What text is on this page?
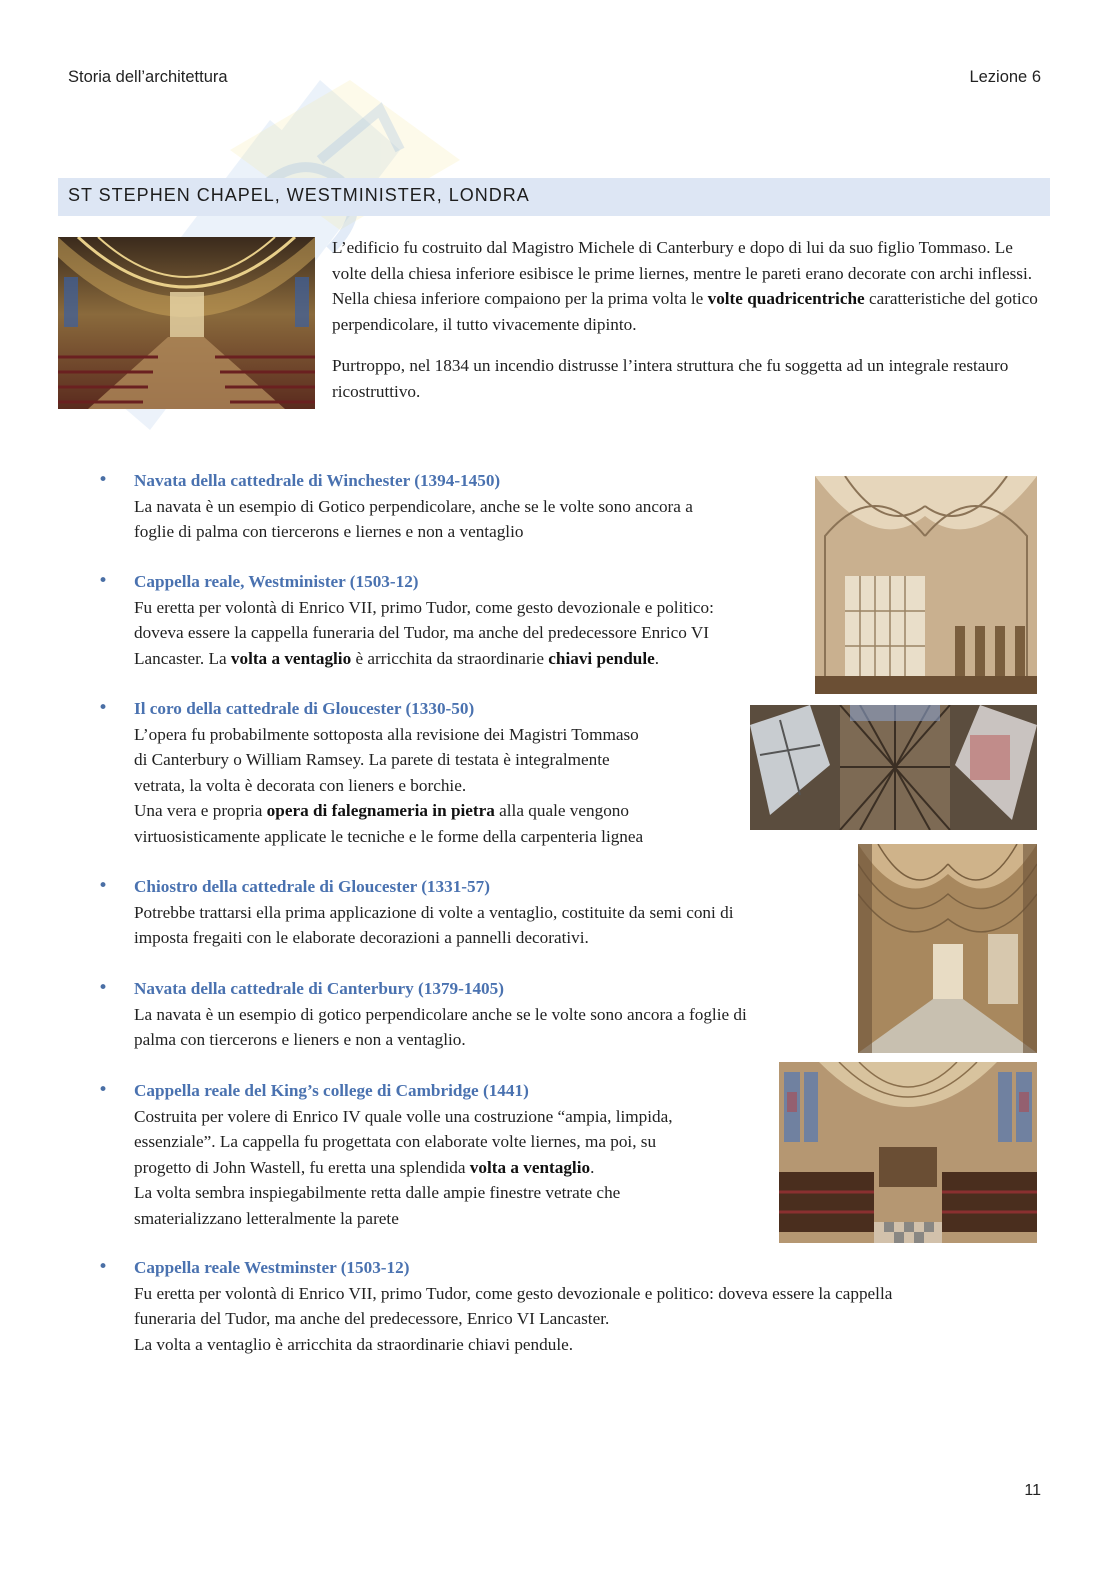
Storia dell’architettura	Lezione 6
ST STEPHEN CHAPEL, WESTMINISTER, LONDRA

L’edificio fu costruito dal Magistro Michele di Canterbury e dopo di lui da suo figlio Tommaso. Le volte della chiesa inferiore esibisce le prime liernes, mentre le pareti erano decorate con archi inflessi. Nella chiesa inferiore compaiono per la prima volta le volte quadricentriche caratteristiche del gotico perpendicolare, il tutto vivacemente dipinto.

Purtroppo, nel 1834 un incendio distrusse l’intera struttura che fu soggetta ad un integrale restauro ricostruttivo.

• Navata della cattedrale di Winchester (1394-1450)
La navata è un esempio di Gotico perpendicolare, anche se le volte sono ancora a
foglie di palma con tiercerons e liernes e non a ventaglio
• Cappella reale, Westminister (1503-12)
Fu eretta per volontà di Enrico VII, primo Tudor, come gesto devozionale e politico:
doveva essere la cappella funeraria del Tudor, ma anche del predecessore Enrico VI
Lancaster. La volta a ventaglio è arricchita da straordinarie chiavi pendule.
• Il coro della cattedrale di Gloucester (1330-50)
L’opera fu probabilmente sottoposta alla revisione dei Magistri Tommaso
di Canterbury o William Ramsey. La parete di testata è integralmente
vetrata, la volta è decorata con lieners e borchie.
Una vera e propria opera di falegnameria in pietra alla quale vengono
virtuosisticamente applicate le tecniche e le forme della carpenteria lignea
• Chiostro della cattedrale di Gloucester (1331-57)
Potrebbe trattarsi ella prima applicazione di volte a ventaglio, costituite da semi coni di
imposta fregaiti con le elaborate decorazioni a pannelli decorativi.
• Navata della cattedrale di Canterbury (1379-1405)
La navata è un esempio di gotico perpendicolare anche se le volte sono ancora a foglie di
palma con tiercerons e lieners e non a ventaglio.
• Cappella reale del King’s college di Cambridge (1441)
Costruita per volere di Enrico IV quale volle una costruzione “ampia, limpida,
essenziale”. La cappella fu progettata con elaborate volte liernes, ma poi, su
progetto di John Wastell, fu eretta una splendida volta a ventaglio.
La volta sembra inspiegabilmente retta dalle ampie finestre vetrate che
smaterializzano letteralmente la parete
• Cappella reale Westminster (1503-12)
Fu eretta per volontà di Enrico VII, primo Tudor, come gesto devozionale e politico: doveva essere la cappella
funeraria del Tudor, ma anche del predecessore, Enrico VI Lancaster.
La volta a ventaglio è arricchita da straordinarie chiavi pendule.
11
